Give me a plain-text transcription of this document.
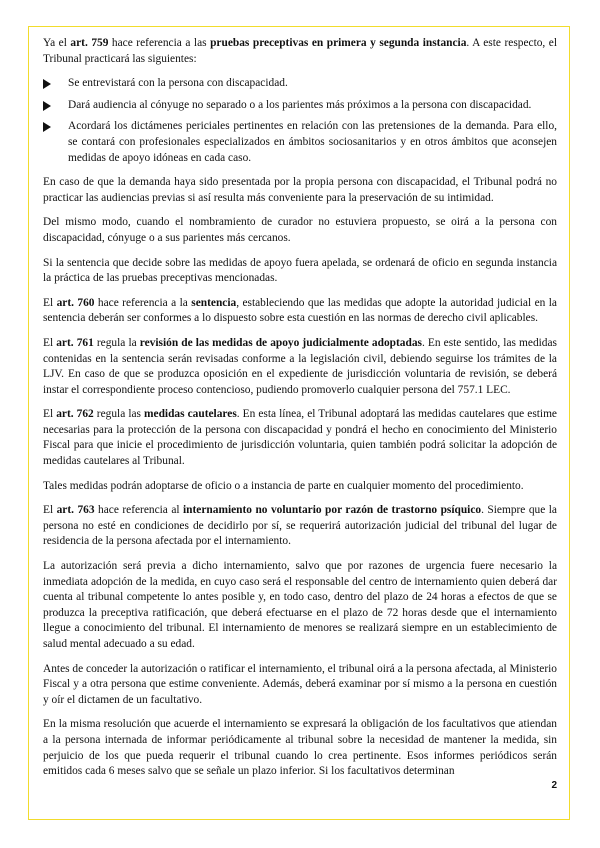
Ya el art. 759 hace referencia a las pruebas preceptivas en primera y segunda instancia. A este respecto, el Tribunal practicará las siguientes:

Se entrevistará con la persona con discapacidad.
Dará audiencia al cónyuge no separado o a los parientes más próximos a la persona con discapacidad.
Acordará los dictámenes periciales pertinentes en relación con las pretensiones de la demanda. Para ello, se contará con profesionales especializados en ámbitos sociosanitarios y en otros ámbitos que aconsejen medidas de apoyo idóneas en cada caso.

En caso de que la demanda haya sido presentada por la propia persona con discapacidad, el Tribunal podrá no practicar las audiencias previas si así resulta más conveniente para la preservación de su intimidad.

Del mismo modo, cuando el nombramiento de curador no estuviera propuesto, se oirá a la persona con discapacidad, cónyuge o a sus parientes más cercanos.

Si la sentencia que decide sobre las medidas de apoyo fuera apelada, se ordenará de oficio en segunda instancia la práctica de las pruebas preceptivas mencionadas.

El art. 760 hace referencia a la sentencia, estableciendo que las medidas que adopte la autoridad judicial en la sentencia deberán ser conformes a lo dispuesto sobre esta cuestión en las normas de derecho civil aplicables.

El art. 761 regula la revisión de las medidas de apoyo judicialmente adoptadas. En este sentido, las medidas contenidas en la sentencia serán revisadas conforme a la legislación civil, debiendo seguirse los trámites de la LJV. En caso de que se produzca oposición en el expediente de jurisdicción voluntaria de revisión, se deberá instar el correspondiente proceso contencioso, pudiendo promoverlo cualquier persona del 757.1 LEC.

El art. 762 regula las medidas cautelares. En esta línea, el Tribunal adoptará las medidas cautelares que estime necesarias para la protección de la persona con discapacidad y pondrá el hecho en conocimiento del Ministerio Fiscal para que inicie el procedimiento de jurisdicción voluntaria, quien también podrá solicitar la adopción de medidas cautelares al Tribunal.

Tales medidas podrán adoptarse de oficio o a instancia de parte en cualquier momento del procedimiento.

El art. 763 hace referencia al internamiento no voluntario por razón de trastorno psíquico. Siempre que la persona no esté en condiciones de decidirlo por sí, se requerirá autorización judicial del tribunal del lugar de residencia de la persona afectada por el internamiento.

La autorización será previa a dicho internamiento, salvo que por razones de urgencia fuere necesario la inmediata adopción de la medida, en cuyo caso será el responsable del centro de internamiento quien deberá dar cuenta al tribunal competente lo antes posible y, en todo caso, dentro del plazo de 24 horas a efectos de que se produzca la preceptiva ratificación, que deberá efectuarse en el plazo de 72 horas desde que el internamiento llegue a conocimiento del tribunal. El internamiento de menores se realizará siempre en un establecimiento de salud mental adecuado a su edad.

Antes de conceder la autorización o ratificar el internamiento, el tribunal oirá a la persona afectada, al Ministerio Fiscal y a otra persona que estime conveniente. Además, deberá examinar por sí mismo a la persona en cuestión y oír el dictamen de un facultativo.

En la misma resolución que acuerde el internamiento se expresará la obligación de los facultativos que atiendan a la persona internada de informar periódicamente al tribunal sobre la necesidad de mantener la medida, sin perjuicio de los que pueda requerir el tribunal cuando lo crea pertinente. Esos informes periódicos serán emitidos cada 6 meses salvo que se señale un plazo inferior. Si los facultativos determinan

2
